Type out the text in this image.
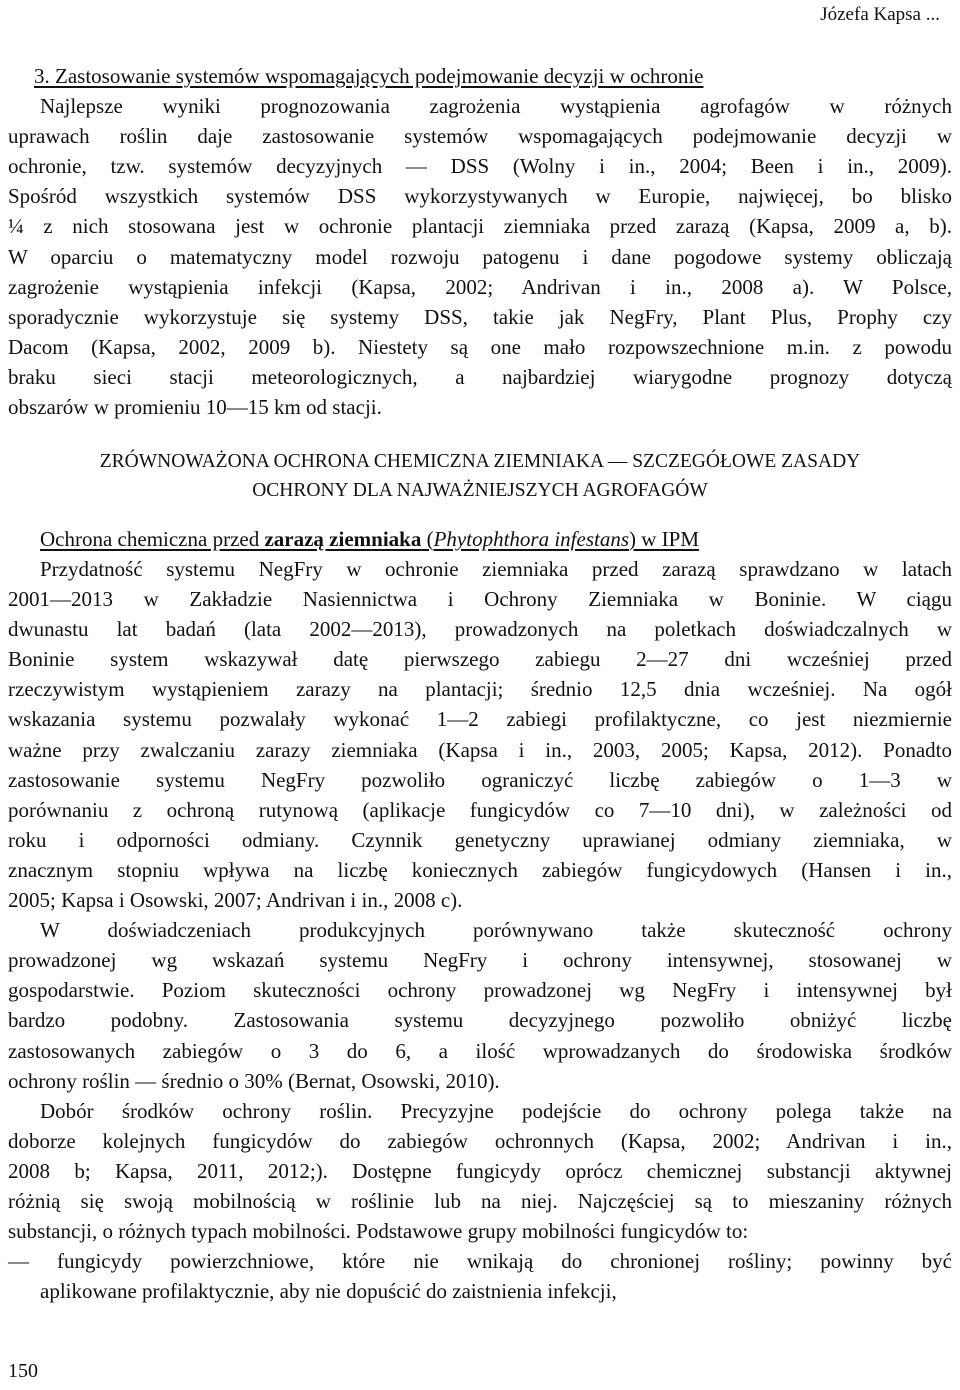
Józefa Kapsa ...
3. Zastosowanie systemów wspomagających podejmowanie decyzji w ochronie
Najlepsze wyniki prognozowania zagrożenia wystąpienia agrofagów w różnych
uprawach roślin daje zastosowanie systemów wspomagających podejmowanie decyzji w
ochronie, tzw. systemów decyzyjnych — DSS (Wolny i in., 2004; Been i in., 2009).
Spośród wszystkich systemów DSS wykorzystywanych w Europie, najwięcej, bo blisko
¼ z nich stosowana jest w ochronie plantacji ziemniaka przed zarazą (Kapsa, 2009 a, b).
W oparciu o matematyczny model rozwoju patogenu i dane pogodowe systemy obliczają
zagrożenie wystąpienia infekcji (Kapsa, 2002; Andrivan i in., 2008 a). W Polsce,
sporadycznie wykorzystuje się systemy DSS, takie jak NegFry, Plant Plus, Prophy czy
Dacom (Kapsa, 2002, 2009 b). Niestety są one mało rozpowszechnione m.in. z powodu
braku sieci stacji meteorologicznych, a najbardziej wiarygodne prognozy dotyczą
obszarów w promieniu 10—15 km od stacji.
ZRÓWNOWAŻONA OCHRONA CHEMICZNA ZIEMNIAKA — SZCZEGÓŁOWE ZASADY
OCHRONY DLA NAJWAŻNIEJSZYCH AGROFAGÓW
Ochrona chemiczna przed zarazą ziemniaka (Phytophthora infestans) w IPM
Przydatność systemu NegFry w ochronie ziemniaka przed zarazą sprawdzano w latach
2001—2013 w Zakładzie Nasiennictwa i Ochrony Ziemniaka w Boninie. W ciągu
dwunastu lat badań (lata 2002—2013), prowadzonych na poletkach doświadczalnych w
Boninie system wskazywał datę pierwszego zabiegu 2—27 dni wcześniej przed
rzeczywistym wystąpieniem zarazy na plantacji; średnio 12,5 dnia wcześniej. Na ogół
wskazania systemu pozwalały wykonać 1—2 zabiegi profilaktyczne, co jest niezmiernie
ważne przy zwalczaniu zarazy ziemniaka (Kapsa i in., 2003, 2005; Kapsa, 2012). Ponadto
zastosowanie systemu NegFry pozwoliło ograniczyć liczbę zabiegów o 1—3 w
porównaniu z ochroną rutynową (aplikacje fungicydów co 7—10 dni), w zależności od
roku i odporności odmiany. Czynnik genetyczny uprawianej odmiany ziemniaka, w
znacznym stopniu wpływa na liczbę koniecznych zabiegów fungicydowych (Hansen i in.,
2005; Kapsa i Osowski, 2007; Andrivan i in., 2008 c).
W doświadczeniach produkcyjnych porównywano także skuteczność ochrony
prowadzonej wg wskazań systemu NegFry i ochrony intensywnej, stosowanej w
gospodarstwie. Poziom skuteczności ochrony prowadzonej wg NegFry i intensywnej był
bardzo podobny. Zastosowania systemu decyzyjnego pozwoliło obniżyć liczbę
zastosowanych zabiegów o 3 do 6, a ilość wprowadzanych do środowiska środków
ochrony roślin — średnio o 30% (Bernat, Osowski, 2010).
Dobór środków ochrony roślin. Precyzyjne podejście do ochrony polega także na
doborze kolejnych fungicydów do zabiegów ochronnych (Kapsa, 2002; Andrivan i in.,
2008 b; Kapsa, 2011, 2012;). Dostępne fungicydy oprócz chemicznej substancji aktywnej
różnią się swoją mobilnością w roślinie lub na niej. Najczęściej są to mieszaniny różnych
substancji, o różnych typach mobilności. Podstawowe grupy mobilności fungicydów to:
— fungicydy powierzchniowe, które nie wnikają do chronionej rośliny; powinny być
aplikowane profilaktycznie, aby nie dopuścić do zaistnienia infekcji,
150
